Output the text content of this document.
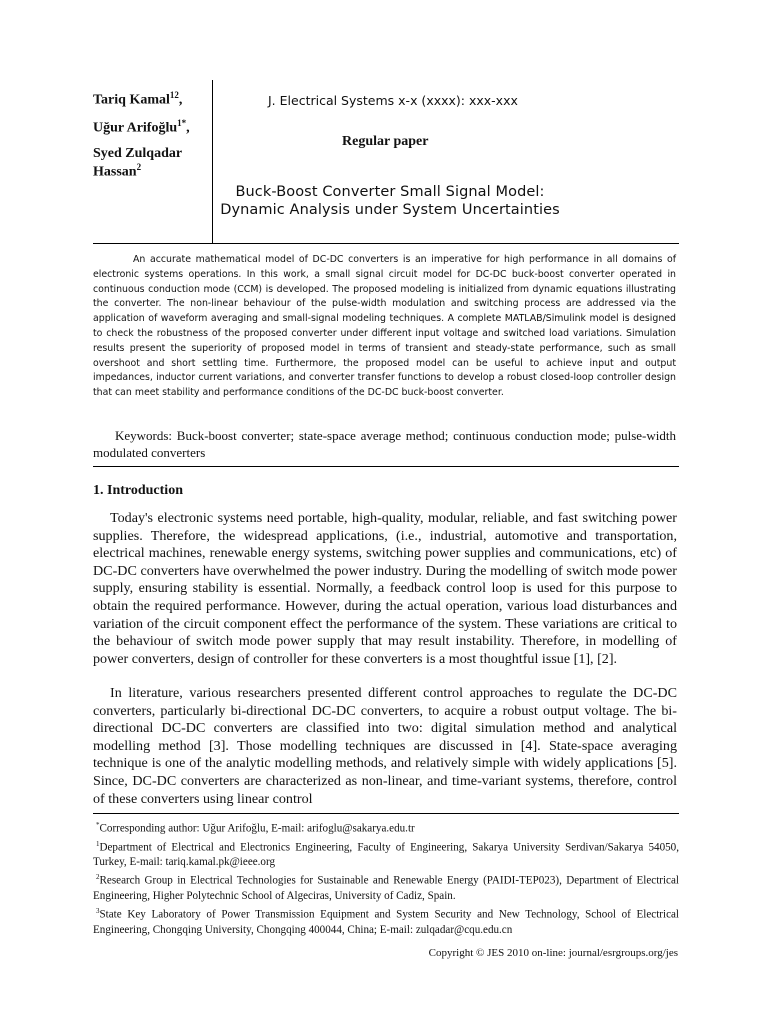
Tariq Kamal$^{12}$,
Uğur Arifoğlu$^{1*}$,
Syed Zulqadar Hassan$^2$
J. Electrical Systems x-x (xxxx): xxx-xxx
Regular paper
Buck-Boost Converter Small Signal Model: Dynamic Analysis under System Uncertainties
An accurate mathematical model of DC-DC converters is an imperative for high performance in all domains of electronic systems operations. In this work, a small signal circuit model for DC-DC buck-boost converter operated in continuous conduction mode (CCM) is developed. The proposed modeling is initialized from dynamic equations illustrating the converter. The non-linear behaviour of the pulse-width modulation and switching process are addressed via the application of waveform averaging and small-signal modeling techniques. A complete MATLAB/Simulink model is designed to check the robustness of the proposed converter under different input voltage and switched load variations. Simulation results present the superiority of proposed model in terms of transient and steady-state performance, such as small overshoot and short settling time. Furthermore, the proposed model can be useful to achieve input and output impedances, inductor current variations, and converter transfer functions to develop a robust closed-loop controller design that can meet stability and performance conditions of the DC-DC buck-boost converter.
Keywords: Buck-boost converter; state-space average method; continuous conduction mode; pulse-width modulated converters
1. Introduction
Today's electronic systems need portable, high-quality, modular, reliable, and fast switching power supplies. Therefore, the widespread applications, (i.e., industrial, automotive and transportation, electrical machines, renewable energy systems, switching power supplies and communications, etc) of DC-DC converters have overwhelmed the power industry. During the modelling of switch mode power supply, ensuring stability is essential. Normally, a feedback control loop is used for this purpose to obtain the required performance. However, during the actual operation, various load disturbances and variation of the circuit component effect the performance of the system. These variations are critical to the behaviour of switch mode power supply that may result instability. Therefore, in modelling of power converters, design of controller for these converters is a most thoughtful issue [1], [2].
In literature, various researchers presented different control approaches to regulate the DC-DC converters, particularly bi-directional DC-DC converters, to acquire a robust output voltage. The bi-directional DC-DC converters are classified into two: digital simulation method and analytical modelling method [3]. Those modelling techniques are discussed in [4]. State-space averaging technique is one of the analytic modelling methods, and relatively simple with widely applications [5]. Since, DC-DC converters are characterized as non-linear, and time-variant systems, therefore, control of these converters using linear control

*Corresponding author: Uğur Arifoğlu, E-mail: arifoglu@sakarya.edu.tr

$^1$Department of Electrical and Electronics Engineering, Faculty of Engineering, Sakarya University Serdivan/Sakarya 54050, Turkey, E-mail: tariq.kamal.pk@ieee.org

$^2$Research Group in Electrical Technologies for Sustainable and Renewable Energy (PAIDI-TEP023), Department of Electrical Engineering, Higher Polytechnic School of Algeciras, University of Cadiz, Spain.

$^3$State Key Laboratory of Power Transmission Equipment and System Security and New Technology, School of Electrical Engineering, Chongqing University, Chongqing 400044, China; E-mail: zulqadar@cqu.edu.cn

Copyright © JES 2010 on-line: journal/esrgroups.org/jes
